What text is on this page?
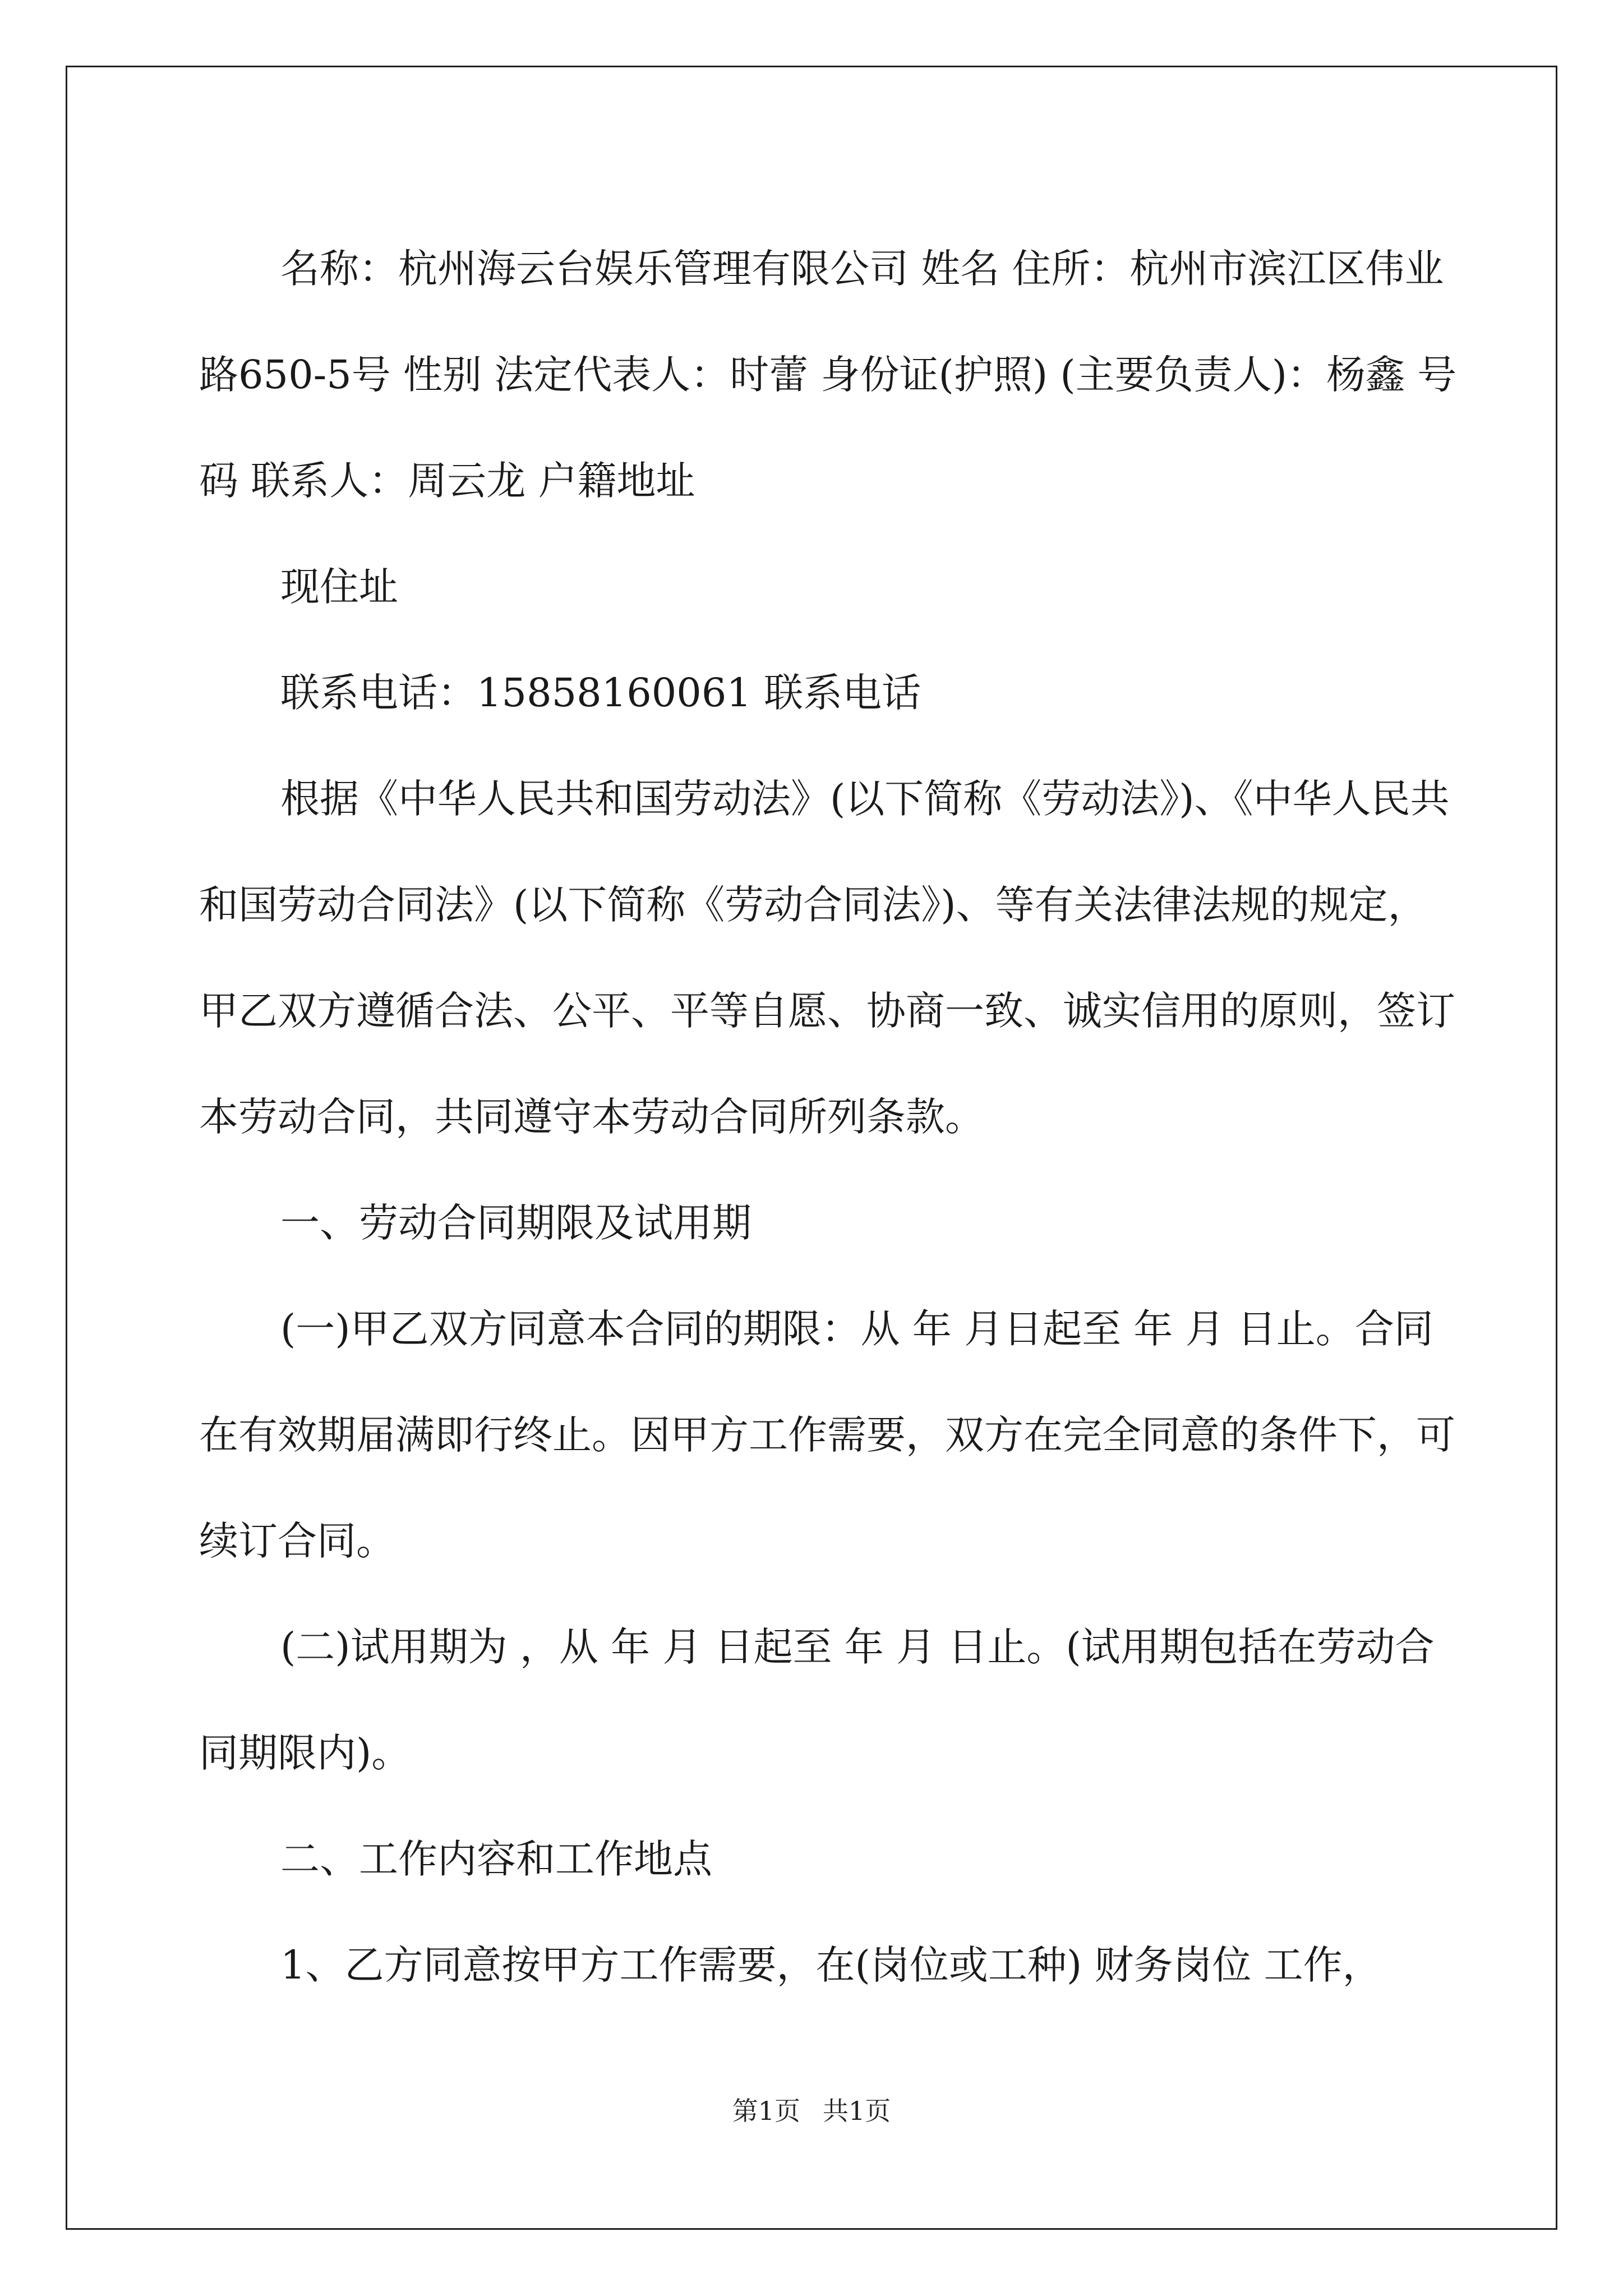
名称：杭州海云台娱乐管理有限公司 姓名 住所：杭州市滨江区伟业路650-5号 性别 法定代表人：时蕾 身份证(护照) (主要负责人)：杨鑫 号码 联系人：周云龙 户籍地址

现住址

联系电话：15858160061 联系电话

根据《中华人民共和国劳动法》(以下简称《劳动法》)、《中华人民共和国劳动合同法》(以下简称《劳动合同法》)、等有关法律法规的规定，甲乙双方遵循合法、公平、平等自愿、协商一致、诚实信用的原则，签订本劳动合同，共同遵守本劳动合同所列条款。

一、劳动合同期限及试用期

(一)甲乙双方同意本合同的期限：从 年 月日起至 年 月 日止。合同在有效期届满即行终止。因甲方工作需要，双方在完全同意的条件下，可续订合同。

(二)试用期为 ，从 年 月 日起至 年 月 日止。(试用期包括在劳动合同期限内)。

二、工作内容和工作地点

1、乙方同意按甲方工作需要，在(岗位或工种) 财务岗位 工作，

第1页 共1页
